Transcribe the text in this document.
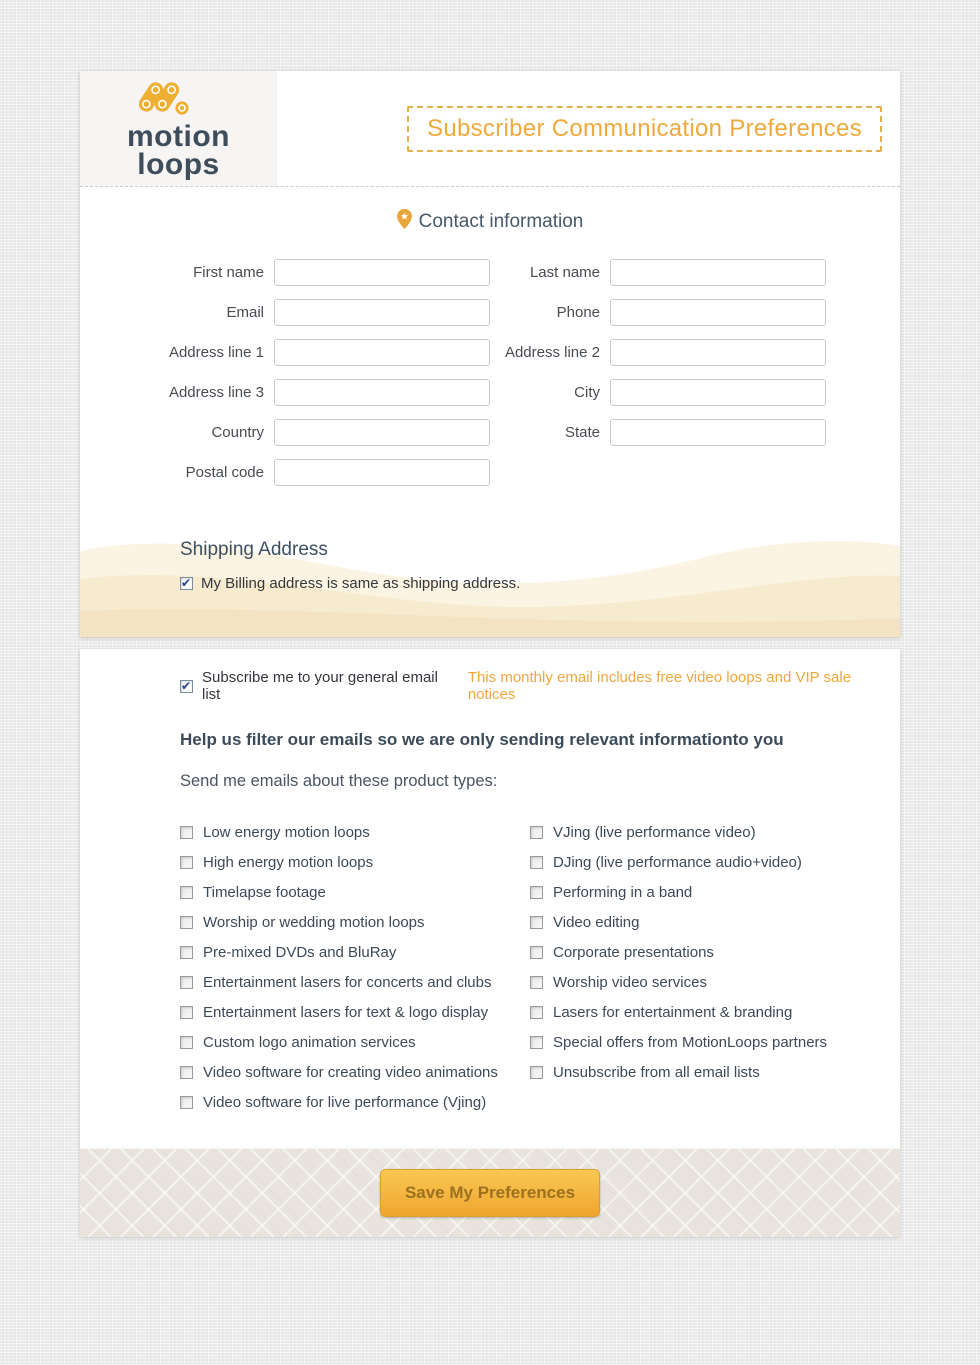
motion
loops
Subscriber Communication Preferences
Contact information
First name
Email
Address line 1
Address line 3
Country
Postal code
Last name
Phone
Address line 2
City
State
Shipping Address
✔
My Billing address is same as shipping address.
✔
Subscribe me to your general email list
This monthly email includes free video loops and VIP sale notices
Help us filter our emails so we are only sending relevant informationto you
Send me emails about these product types:
Low energy motion loops
High energy motion loops
Timelapse footage
Worship or wedding motion loops
Pre-mixed DVDs and BluRay
Entertainment lasers for concerts and clubs
Entertainment lasers for text & logo display
Custom logo animation services
Video software for creating video animations
Video software for live performance (Vjing)
VJing (live performance video)
DJing (live performance audio+video)
Performing in a band
Video editing
Corporate presentations
Worship video services
Lasers for entertainment & branding
Special offers from MotionLoops partners
Unsubscribe from all email lists
Save My Preferences
